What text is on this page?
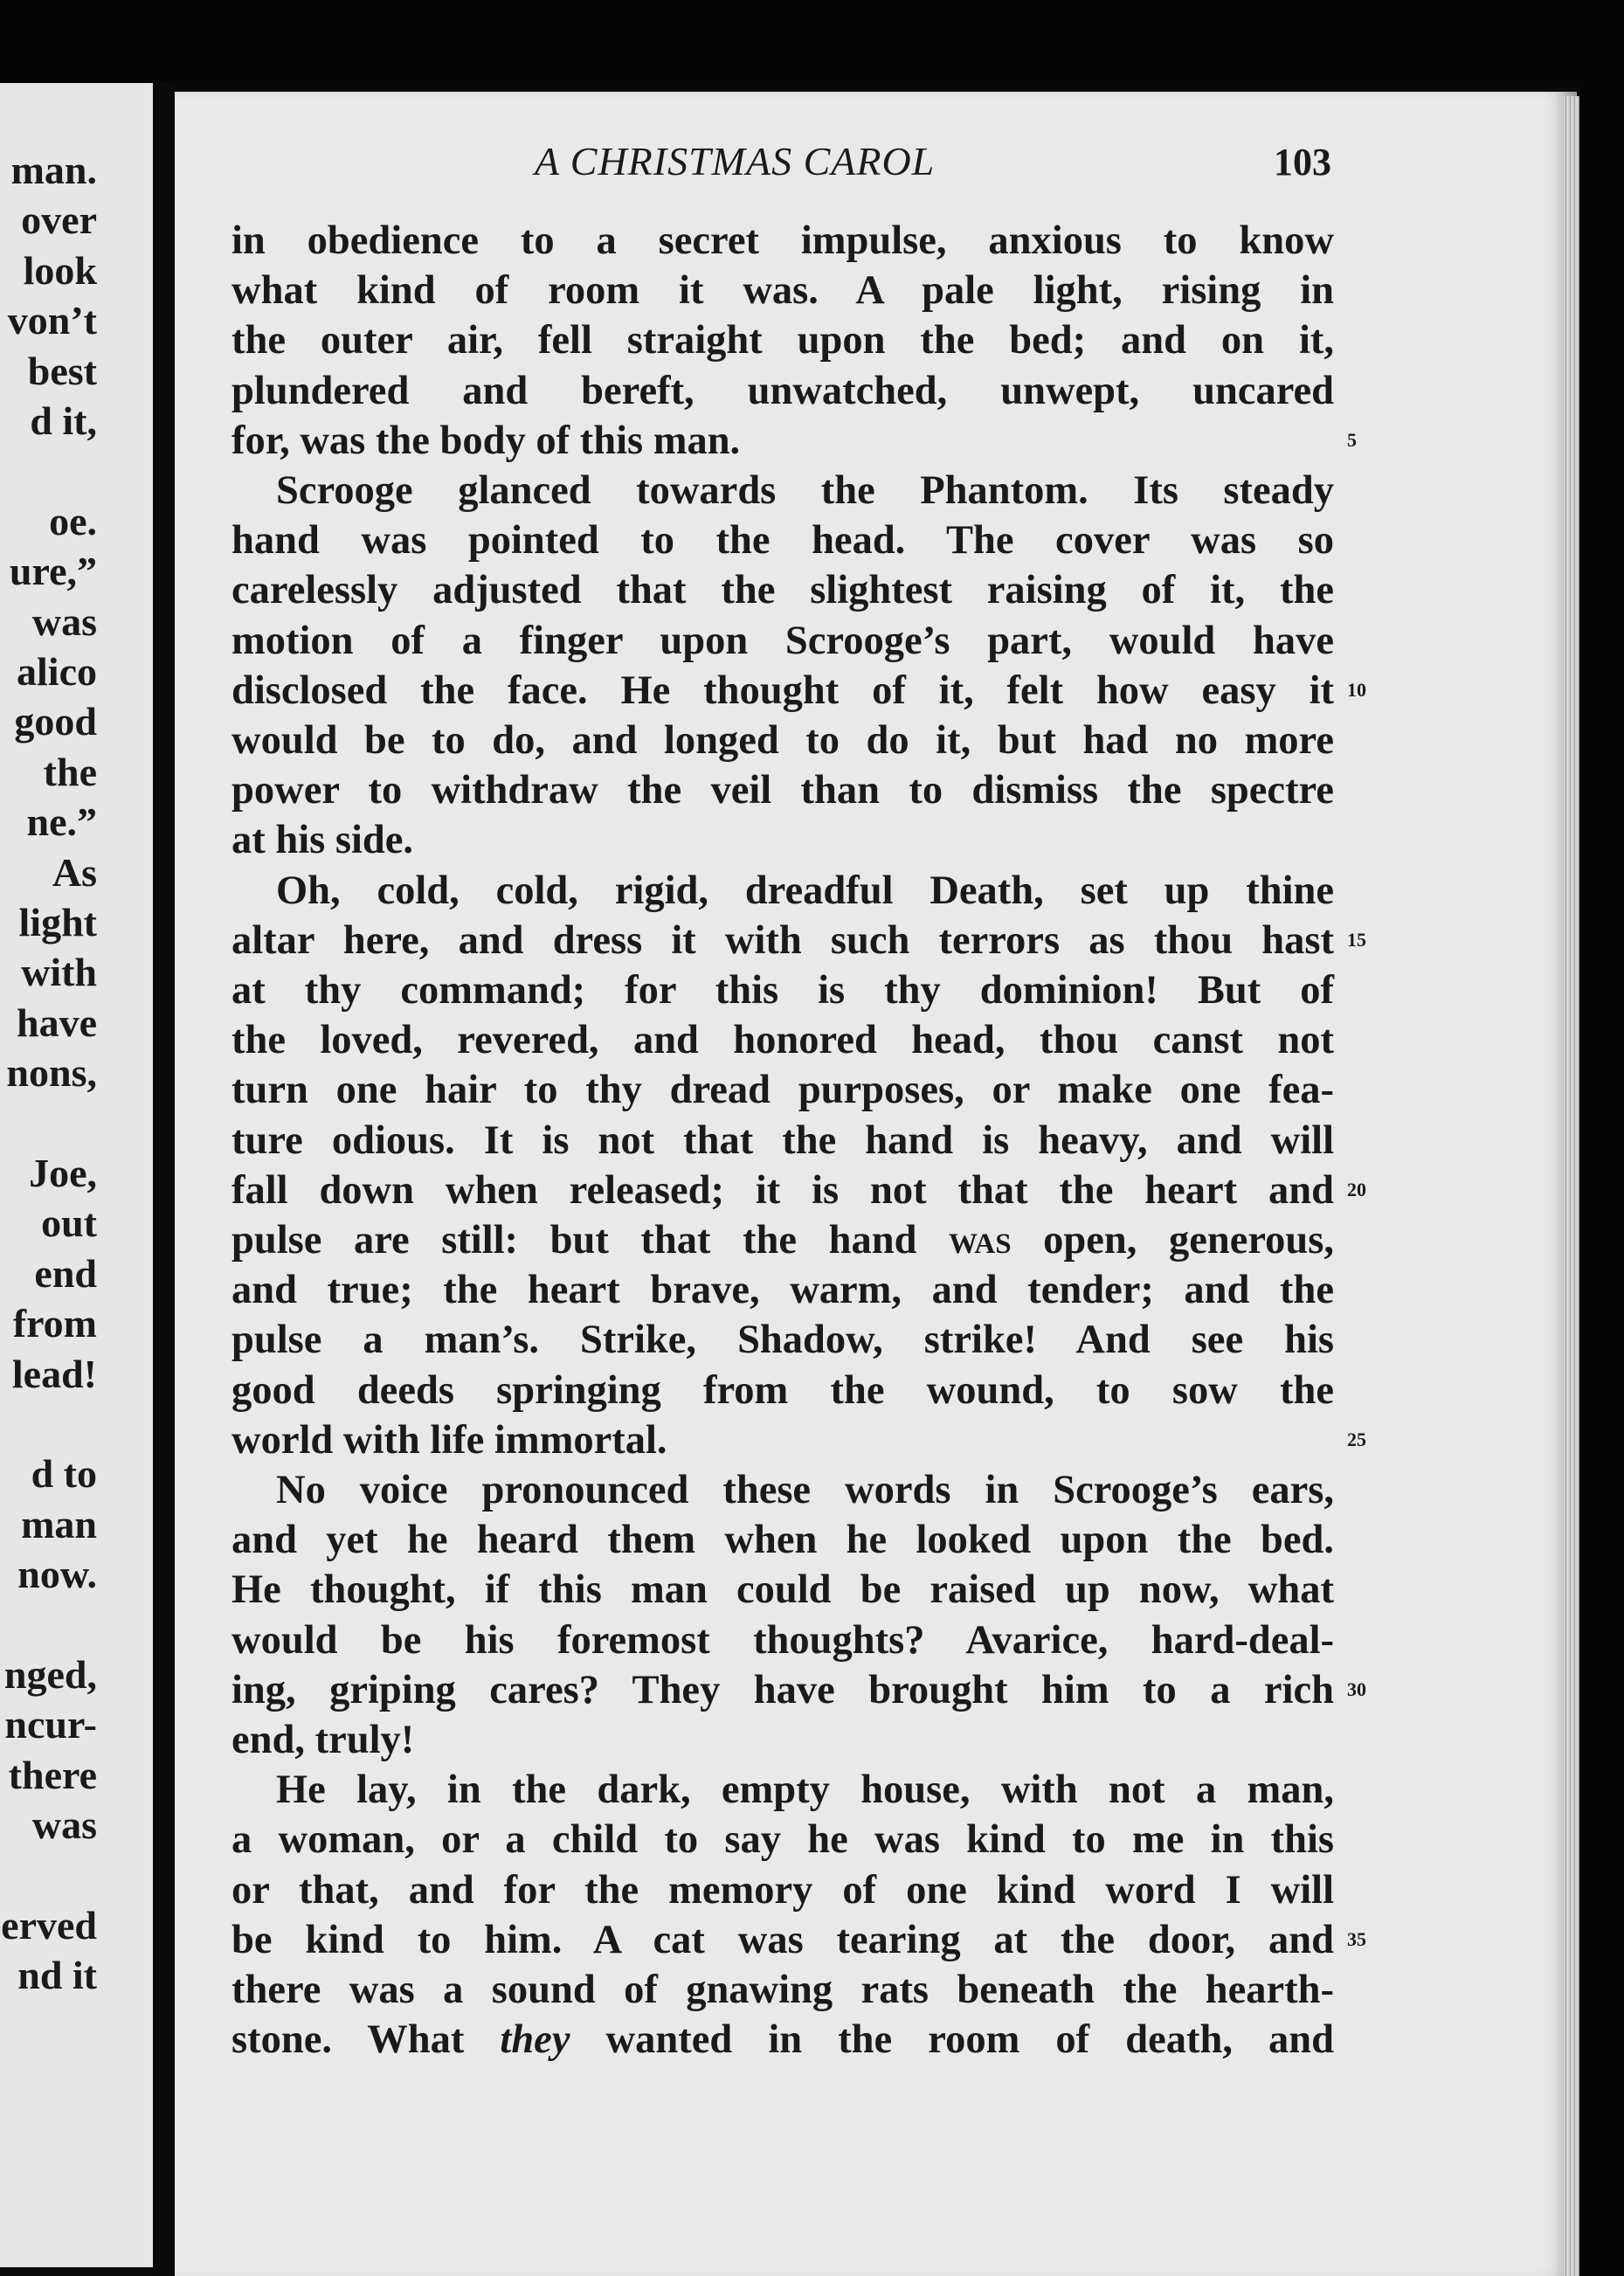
man.
over
look
von’t
best
d it,
oe.
ure,”
was
alico
good
the
ne.”
As
light
with
have
nons,
Joe,
out
end
from
lead!
d to
man
now.
nged,
ncur-
there
was
erved
nd it
A CHRISTMAS CAROL	103
in obedience to a secret impulse, anxious to know
what kind of room it was. A pale light, rising in
the outer air, fell straight upon the bed; and on it,
plundered and bereft, unwatched, unwept, uncared
for, was the body of this man.
Scrooge glanced towards the Phantom. Its steady
hand was pointed to the head. The cover was so
carelessly adjusted that the slightest raising of it, the
motion of a finger upon Scrooge’s part, would have
disclosed the face. He thought of it, felt how easy it
would be to do, and longed to do it, but had no more
power to withdraw the veil than to dismiss the spectre
at his side.
Oh, cold, cold, rigid, dreadful Death, set up thine
altar here, and dress it with such terrors as thou hast
at thy command; for this is thy dominion! But of
the loved, revered, and honored head, thou canst not
turn one hair to thy dread purposes, or make one fea-
ture odious. It is not that the hand is heavy, and will
fall down when released; it is not that the heart and
pulse are still: but that the hand was open, generous,
and true; the heart brave, warm, and tender; and the
pulse a man’s. Strike, Shadow, strike! And see his
good deeds springing from the wound, to sow the
world with life immortal.
No voice pronounced these words in Scrooge’s ears,
and yet he heard them when he looked upon the bed.
He thought, if this man could be raised up now, what
would be his foremost thoughts? Avarice, hard-deal-
ing, griping cares? They have brought him to a rich
end, truly!
He lay, in the dark, empty house, with not a man,
a woman, or a child to say he was kind to me in this
or that, and for the memory of one kind word I will
be kind to him. A cat was tearing at the door, and
there was a sound of gnawing rats beneath the hearth-
stone. What they wanted in the room of death, and
5
10
15
20
25
30
35
